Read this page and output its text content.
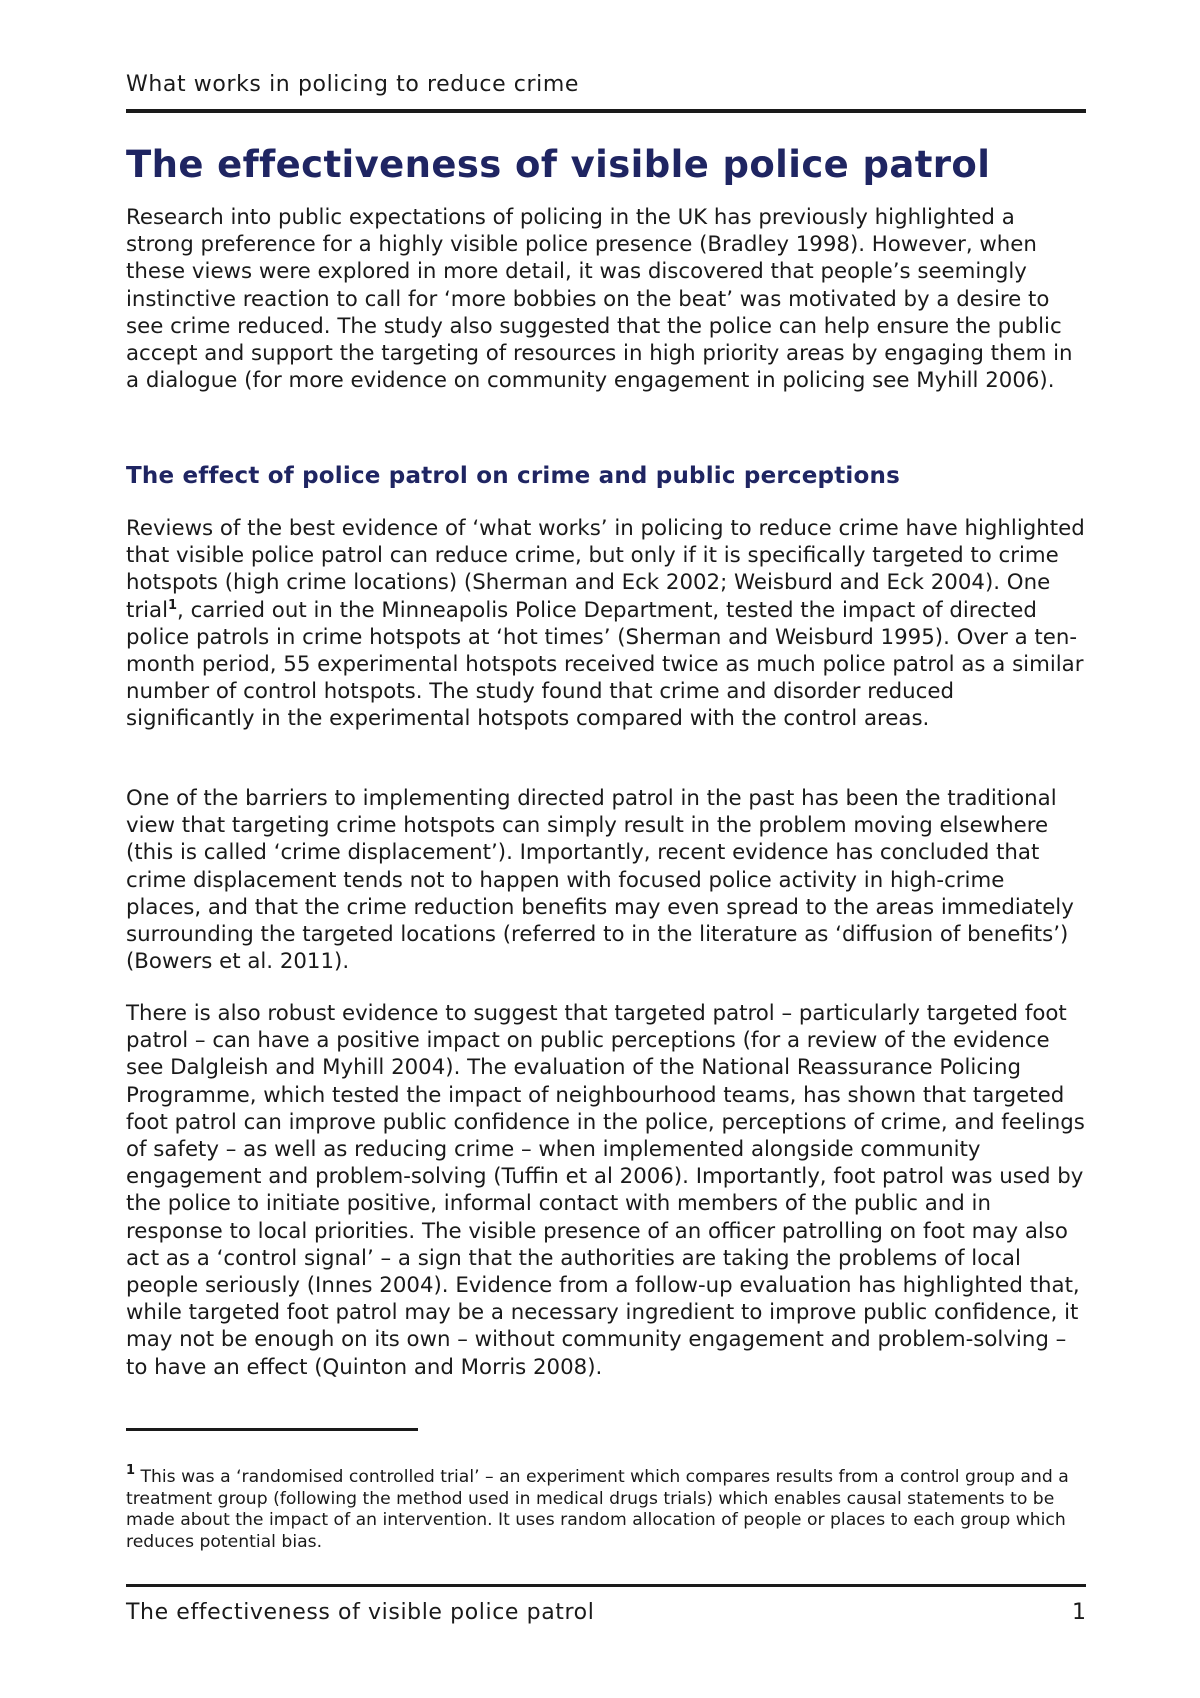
What works in policing to reduce crime
The effectiveness of visible police patrol

Research into public expectations of policing in the UK has previously highlighted a strong preference for a highly visible police presence (Bradley 1998). However, when these views were explored in more detail, it was discovered that people’s seemingly instinctive reaction to call for ‘more bobbies on the beat’ was motivated by a desire to see crime reduced. The study also suggested that the police can help ensure the public accept and support the targeting of resources in high priority areas by engaging them in a dialogue (for more evidence on community engagement in policing see Myhill 2006).

The effect of police patrol on crime and public perceptions

Reviews of the best evidence of ‘what works’ in policing to reduce crime have highlighted that visible police patrol can reduce crime, but only if it is specifically targeted to crime hotspots (high crime locations) (Sherman and Eck 2002; Weisburd and Eck 2004). One trial$^1$, carried out in the Minneapolis Police Department, tested the impact of directed police patrols in crime hotspots at ‘hot times’ (Sherman and Weisburd 1995). Over a ten-month period, 55 experimental hotspots received twice as much police patrol as a similar number of control hotspots. The study found that crime and disorder reduced significantly in the experimental hotspots compared with the control areas.

One of the barriers to implementing directed patrol in the past has been the traditional view that targeting crime hotspots can simply result in the problem moving elsewhere (this is called ‘crime displacement’). Importantly, recent evidence has concluded that crime displacement tends not to happen with focused police activity in high-crime places, and that the crime reduction benefits may even spread to the areas immediately surrounding the targeted locations (referred to in the literature as ‘diffusion of benefits’) (Bowers et al. 2011).

There is also robust evidence to suggest that targeted patrol – particularly targeted foot patrol – can have a positive impact on public perceptions (for a review of the evidence see Dalgleish and Myhill 2004). The evaluation of the National Reassurance Policing Programme, which tested the impact of neighbourhood teams, has shown that targeted foot patrol can improve public confidence in the police, perceptions of crime, and feelings of safety – as well as reducing crime – when implemented alongside community engagement and problem-solving (Tuffin et al 2006). Importantly, foot patrol was used by the police to initiate positive, informal contact with members of the public and in response to local priorities. The visible presence of an officer patrolling on foot may also act as a ‘control signal’ – a sign that the authorities are taking the problems of local people seriously (Innes 2004). Evidence from a follow-up evaluation has highlighted that, while targeted foot patrol may be a necessary ingredient to improve public confidence, it may not be enough on its own – without community engagement and problem-solving – to have an effect (Quinton and Morris 2008).

$^1$ This was a ‘randomised controlled trial’ – an experiment which compares results from a control group and a treatment group (following the method used in medical drugs trials) which enables causal statements to be made about the impact of an intervention. It uses random allocation of people or places to each group which reduces potential bias.

The effectiveness of visible police patrol	1
